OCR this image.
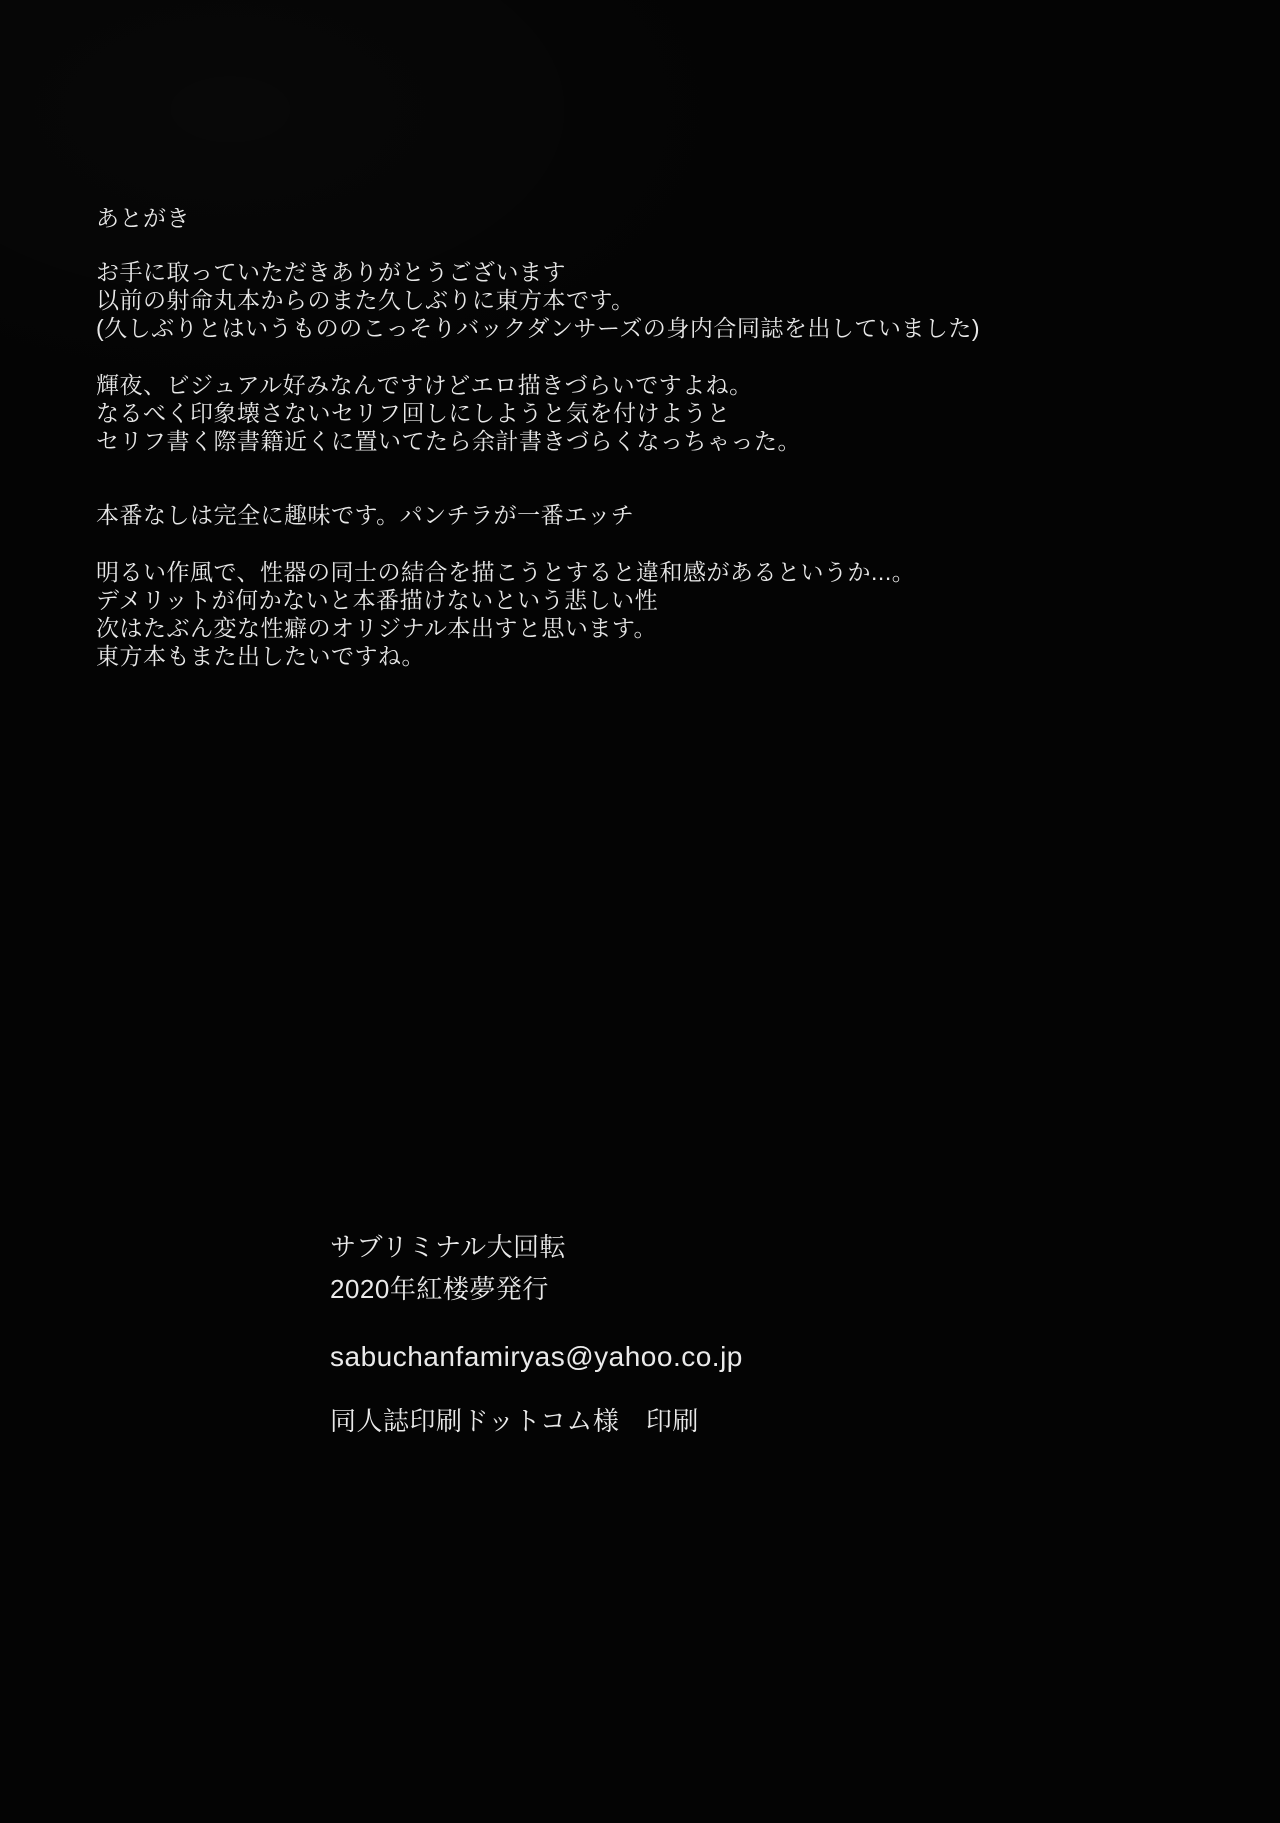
あとがき
お手に取っていただきありがとうございます
以前の射命丸本からのまた久しぶりに東方本です。
(久しぶりとはいうもののこっそりバックダンサーズの身内合同誌を出していました)
輝夜、ビジュアル好みなんですけどエロ描きづらいですよね。
なるべく印象壊さないセリフ回しにしようと気を付けようと
セリフ書く際書籍近くに置いてたら余計書きづらくなっちゃった。
本番なしは完全に趣味です。パンチラが一番エッチ
明るい作風で、性器の同士の結合を描こうとすると違和感があるというか...。
デメリットが何かないと本番描けないという悲しい性
次はたぶん変な性癖のオリジナル本出すと思います。
東方本もまた出したいですね。
サブリミナル大回転
2020年紅楼夢発行
sabuchanfamiryas@yahoo.co.jp
同人誌印刷ドットコム様　印刷
